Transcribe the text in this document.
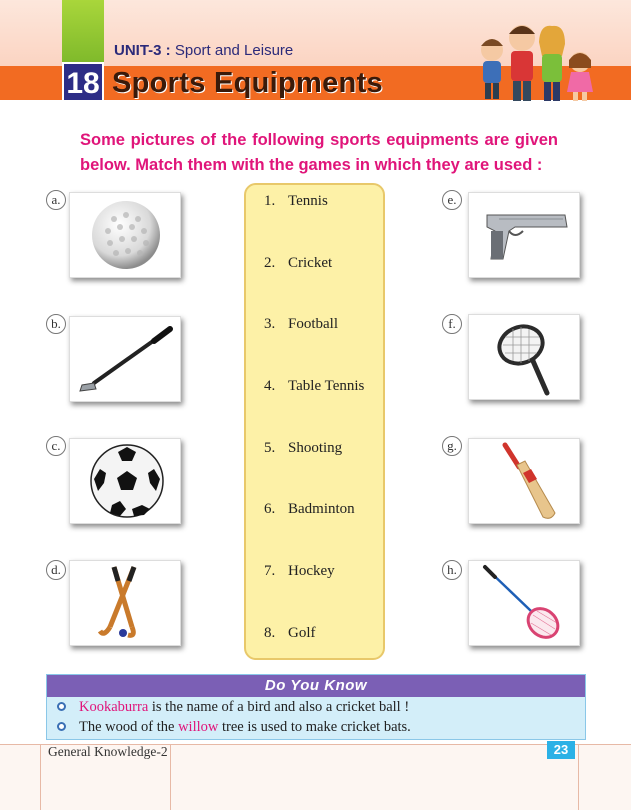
18
UNIT-3 : Sport and Leisure
Sports Equipments
Some pictures of the following sports equipments are given below. Match them with the games in which they are used :
a.
b.
c.
d.
1. Tennis
2. Cricket
3. Football
4. Table Tennis
5. Shooting
6. Badminton
7. Hockey
8. Golf
e.
f.
g.
h.
Do You Know
Kookaburra is the name of a bird and also a cricket ball !
The wood of the willow tree is used to make cricket bats.
General Knowledge-2	23
